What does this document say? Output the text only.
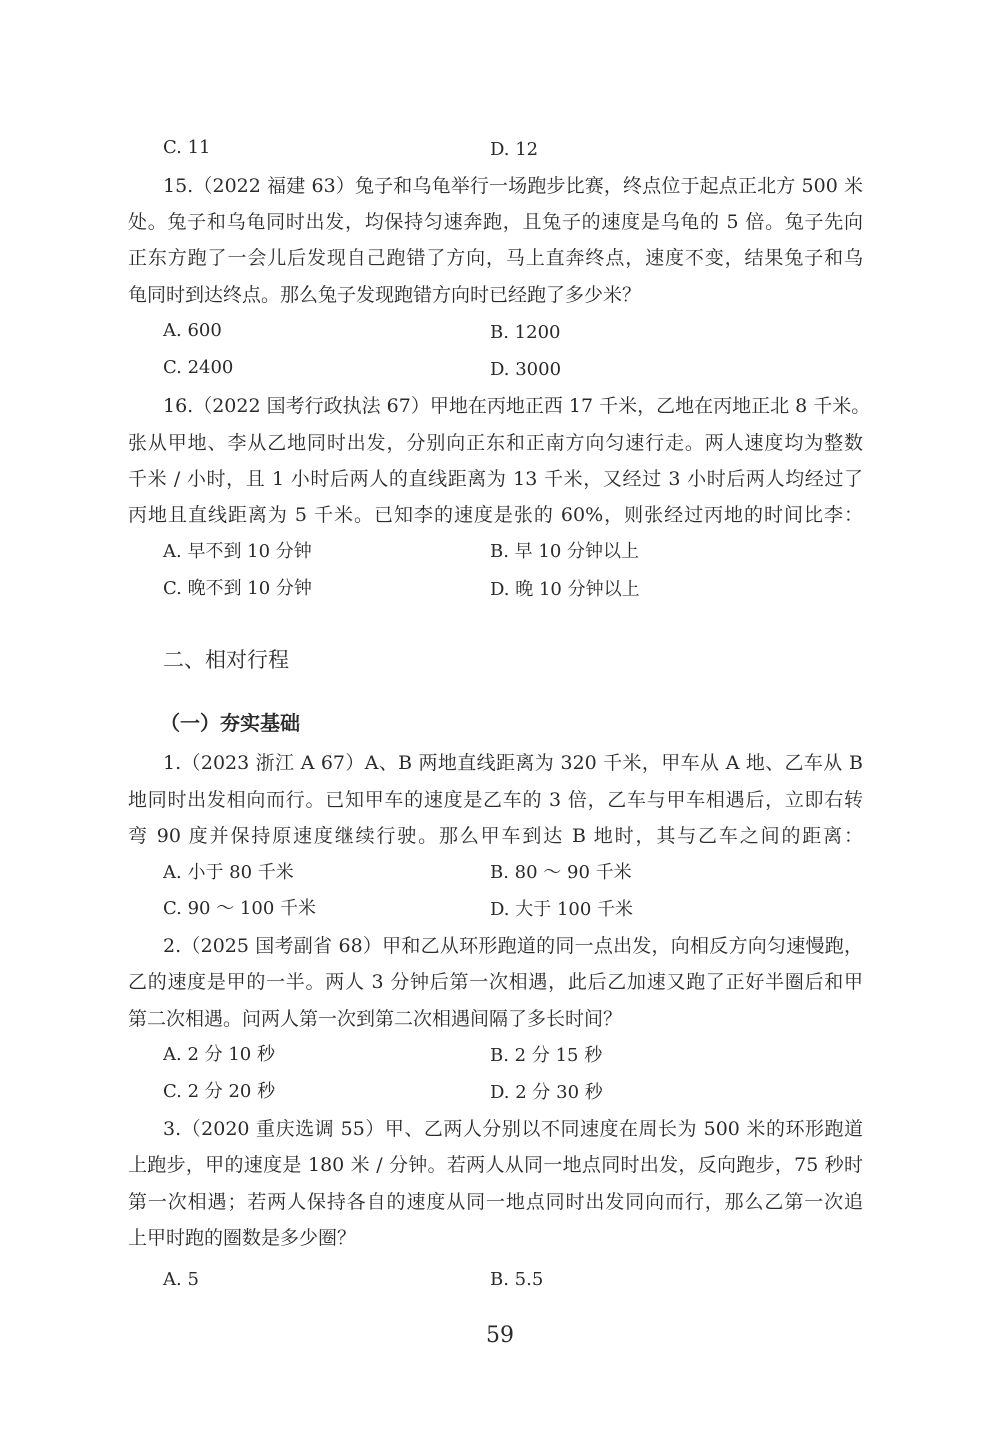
C. 11	D. 12
15.（2022 福建 63）兔子和乌龟举行一场跑步比赛，终点位于起点正北方 500 米
处。兔子和乌龟同时出发，均保持匀速奔跑，且兔子的速度是乌龟的 5 倍。兔子先向
正东方跑了一会儿后发现自己跑错了方向，马上直奔终点，速度不变，结果兔子和乌
龟同时到达终点。那么兔子发现跑错方向时已经跑了多少米？
A. 600	B. 1200
C. 2400	D. 3000
16.（2022 国考行政执法 67）甲地在丙地正西 17 千米，乙地在丙地正北 8 千米。
张从甲地、李从乙地同时出发，分别向正东和正南方向匀速行走。两人速度均为整数
千米 / 小时，且 1 小时后两人的直线距离为 13 千米，又经过 3 小时后两人均经过了
丙地且直线距离为 5 千米。已知李的速度是张的 60%，则张经过丙地的时间比李：
A. 早不到 10 分钟	B. 早 10 分钟以上
C. 晚不到 10 分钟	D. 晚 10 分钟以上
二、相对行程
（一）夯实基础
1.（2023 浙江 A 67）A、B 两地直线距离为 320 千米，甲车从 A 地、乙车从 B
地同时出发相向而行。已知甲车的速度是乙车的 3 倍，乙车与甲车相遇后，立即右转
弯 90 度并保持原速度继续行驶。那么甲车到达 B 地时，其与乙车之间的距离：
A. 小于 80 千米	B. 80 ～ 90 千米
C. 90 ～ 100 千米	D. 大于 100 千米
2.（2025 国考副省 68）甲和乙从环形跑道的同一点出发，向相反方向匀速慢跑，
乙的速度是甲的一半。两人 3 分钟后第一次相遇，此后乙加速又跑了正好半圈后和甲
第二次相遇。问两人第一次到第二次相遇间隔了多长时间？
A. 2 分 10 秒	B. 2 分 15 秒
C. 2 分 20 秒	D. 2 分 30 秒
3.（2020 重庆选调 55）甲、乙两人分别以不同速度在周长为 500 米的环形跑道
上跑步，甲的速度是 180 米 / 分钟。若两人从同一地点同时出发，反向跑步，75 秒时
第一次相遇；若两人保持各自的速度从同一地点同时出发同向而行，那么乙第一次追
上甲时跑的圈数是多少圈？
A. 5	B. 5.5
59
